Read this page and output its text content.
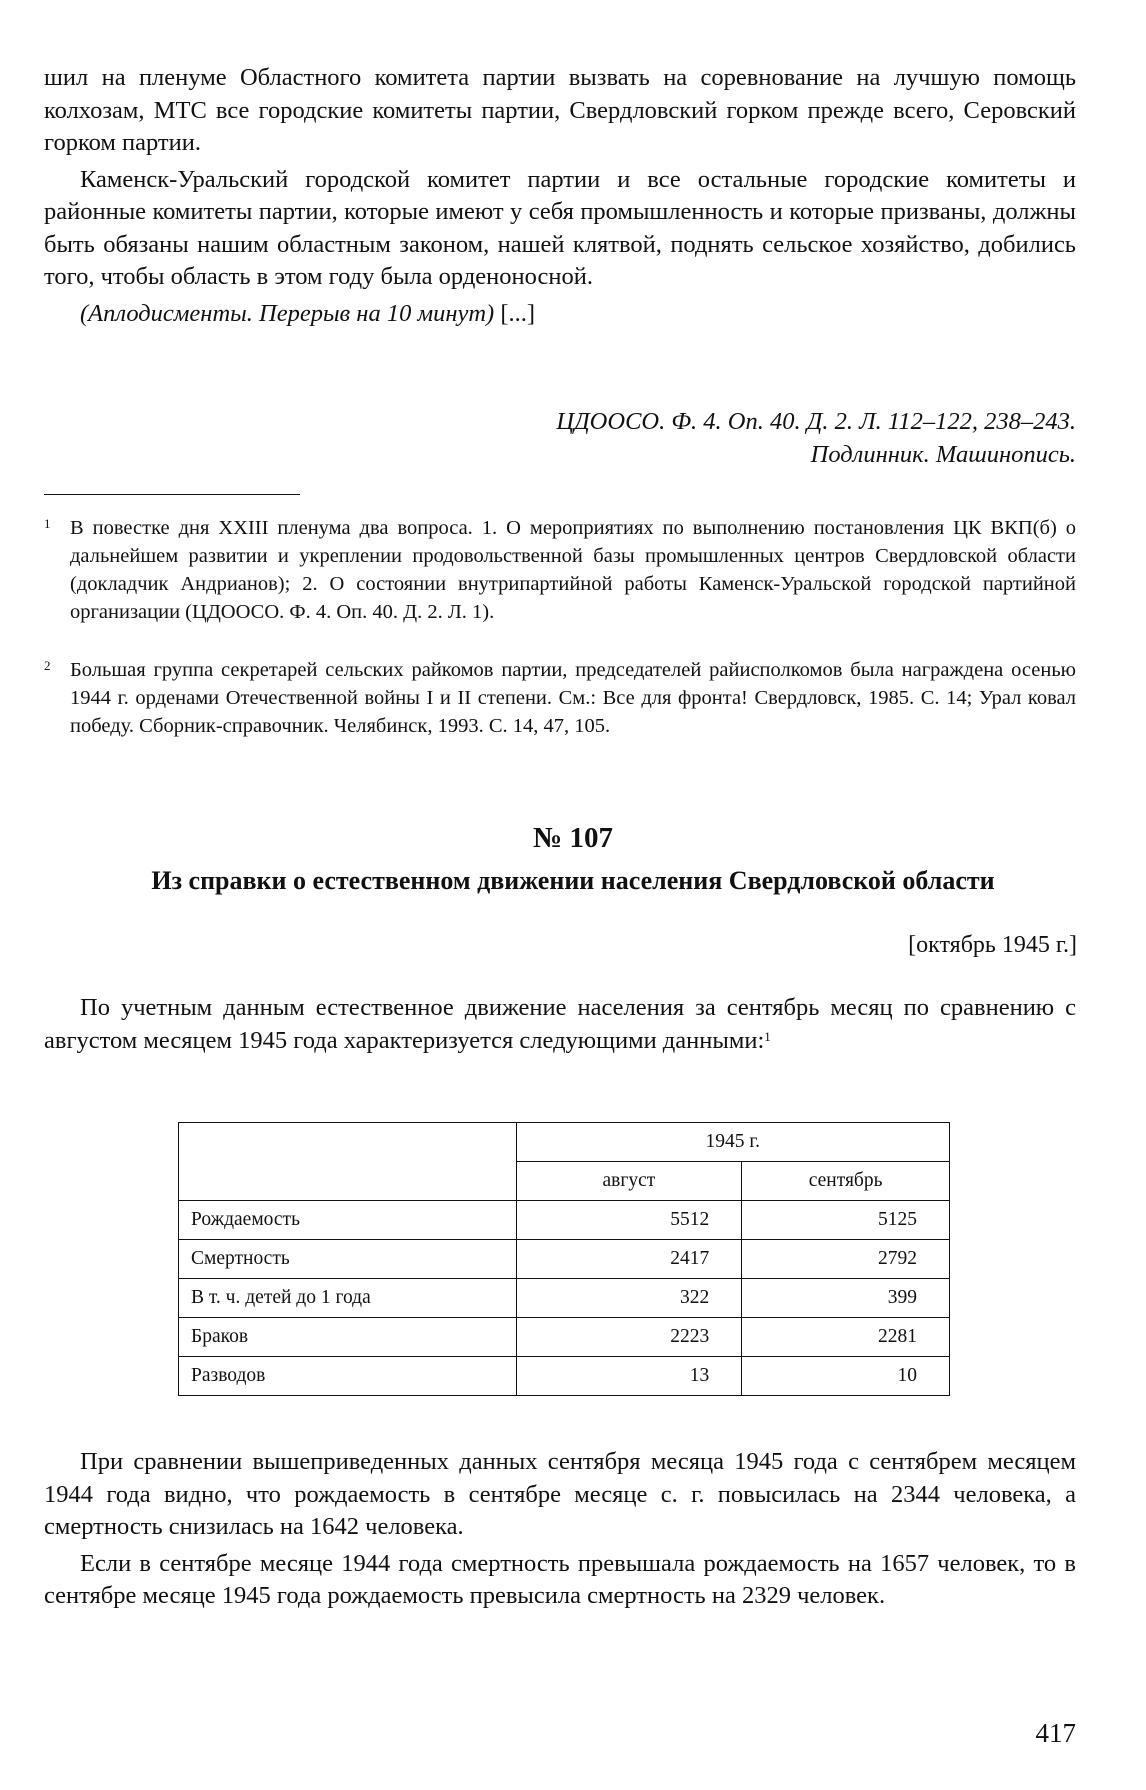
шил на пленуме Областного комитета партии вызвать на соревнование на лучшую помощь колхозам, МТС все городские комитеты партии, Свердловский горком прежде всего, Серовский горком партии.

Каменск-Уральский городской комитет партии и все остальные городские комитеты и районные комитеты партии, которые имеют у себя промышленность и которые призваны, должны быть обязаны нашим областным законом, нашей клятвой, поднять сельское хозяйство, добились того, чтобы область в этом году была орденоносной.

(Аплодисменты. Перерыв на 10 минут) [...]

ЦДООСО. Ф. 4. Оп. 40. Д. 2. Л. 112–122, 238–243.
Подлинник. Машинопись.
1 В повестке дня XXIII пленума два вопроса. 1. О мероприятиях по выполнению постановления ЦК ВКП(б) о дальнейшем развитии и укреплении продовольственной базы промышленных центров Свердловской области (докладчик Андрианов); 2. О состоянии внутрипартийной работы Каменск-Уральской городской партийной организации (ЦДООСО. Ф. 4. Оп. 40. Д. 2. Л. 1).
2 Большая группа секретарей сельских райкомов партии, председателей райисполкомов была награждена осенью 1944 г. орденами Отечественной войны I и II степени. См.: Все для фронта! Свердловск, 1985. С. 14; Урал ковал победу. Сборник-справочник. Челябинск, 1993. С. 14, 47, 105.
№ 107
Из справки о естественном движении населения Свердловской области
[октябрь 1945 г.]

По учетным данным естественное движение населения за сентябрь месяц по сравнению с августом месяцем 1945 года характеризуется следующими данными:$^1$

	1945 г.	
	август	сентябрь
Рождаемость	5512	5125
Смертность	2417	2792
В т. ч. детей до 1 года	322	399
Браков	2223	2281
Разводов	13	10

При сравнении вышеприведенных данных сентября месяца 1945 года с сентябрем месяцем 1944 года видно, что рождаемость в сентябре месяце с. г. повысилась на 2344 человека, а смертность снизилась на 1642 человека.

Если в сентябре месяце 1944 года смертность превышала рождаемость на 1657 человек, то в сентябре месяце 1945 года рождаемость превысила смертность на 2329 человек.

417
